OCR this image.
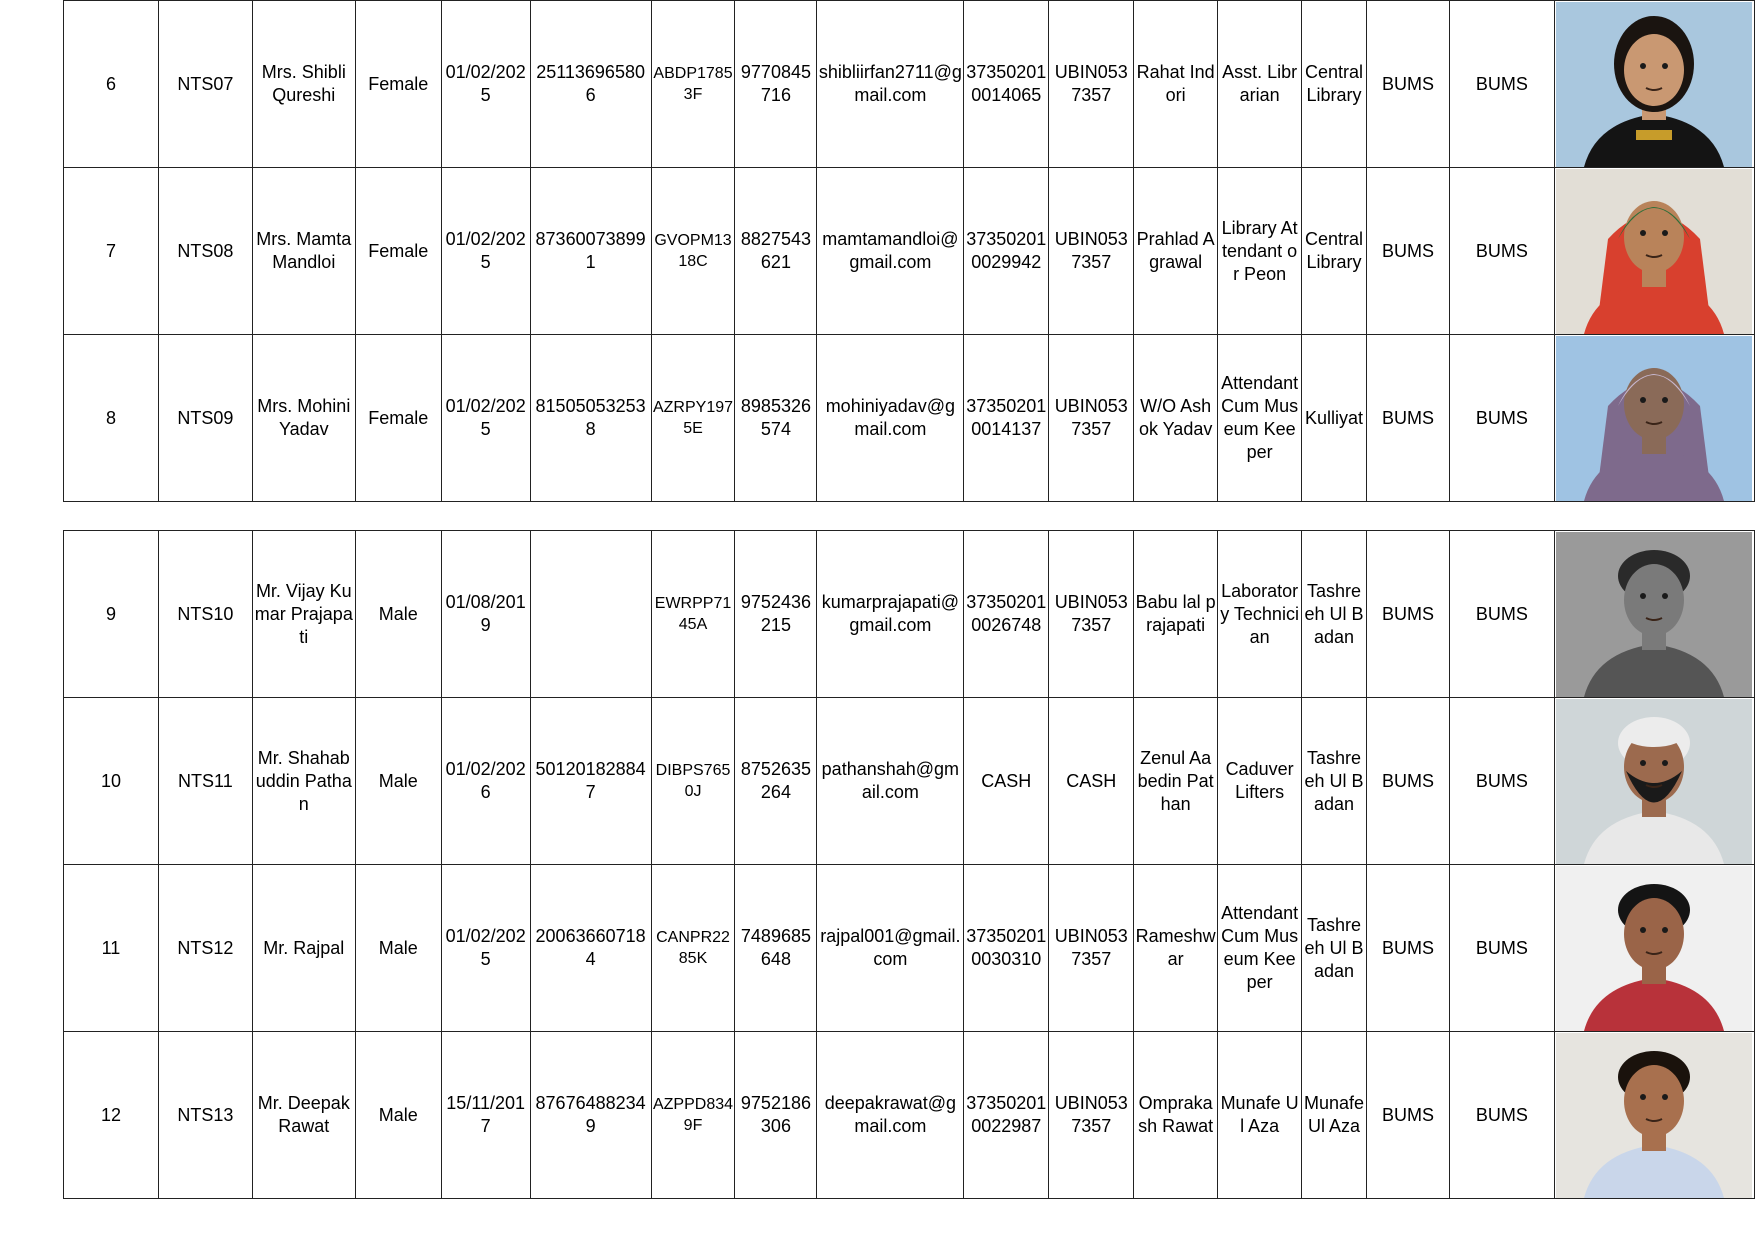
6	NTS07	Mrs. Shibli Qureshi	Female	01/02/2025	251136965806	ABDP17853F	9770845716	shibliirfan2711@gmail.com	373502010014065	UBIN0537357	Rahat Indori	Asst. Librarian	Central Library	BUMS	BUMS	

7	NTS08	Mrs. Mamta Mandloi	Female	01/02/2025	873600738991	GVOPM1318C	8827543621	mamtamandloi@gmail.com	373502010029942	UBIN0537357	Prahlad Agrawal	Library Attendant or Peon	Central Library	BUMS	BUMS	

8	NTS09	Mrs. Mohini Yadav	Female	01/02/2025	815050532538	AZRPY1975E	8985326574	mohiniyadav@gmail.com	373502010014137	UBIN0537357	W/O Ashok Yadav	Attendant Cum Museum Keeper	Kulliyat	BUMS	BUMS	
9	NTS10	Mr. Vijay Kumar Prajapati	Male	01/08/2019		EWRPP7145A	9752436215	kumarprajapati@gmail.com	373502010026748	UBIN0537357	Babu lal prajapati	Laboratory Technician	Tashreeh Ul Badan	BUMS	BUMS	

10	NTS11	Mr. Shahabuddin Pathan	Male	01/02/2026	501201828847	DIBPS7650J	8752635264	pathanshah@gmail.com	CASH	CASH	Zenul Aabedin Pathan	Caduver Lifters	Tashreeh Ul Badan	BUMS	BUMS	

11	NTS12	Mr. Rajpal	Male	01/02/2025	200636607184	CANPR2285K	7489685648	rajpal001@gmail.com	373502010030310	UBIN0537357	Rameshwar	Attendant Cum Museum Keeper	Tashreeh Ul Badan	BUMS	BUMS	

12	NTS13	Mr. Deepak Rawat	Male	15/11/2017	876764882349	AZPPD8349F	9752186306	deepakrawat@gmail.com	373502010022987	UBIN0537357	Omprakash Rawat	Munafe Ul Aza	Munafe Ul Aza	BUMS	BUMS	
